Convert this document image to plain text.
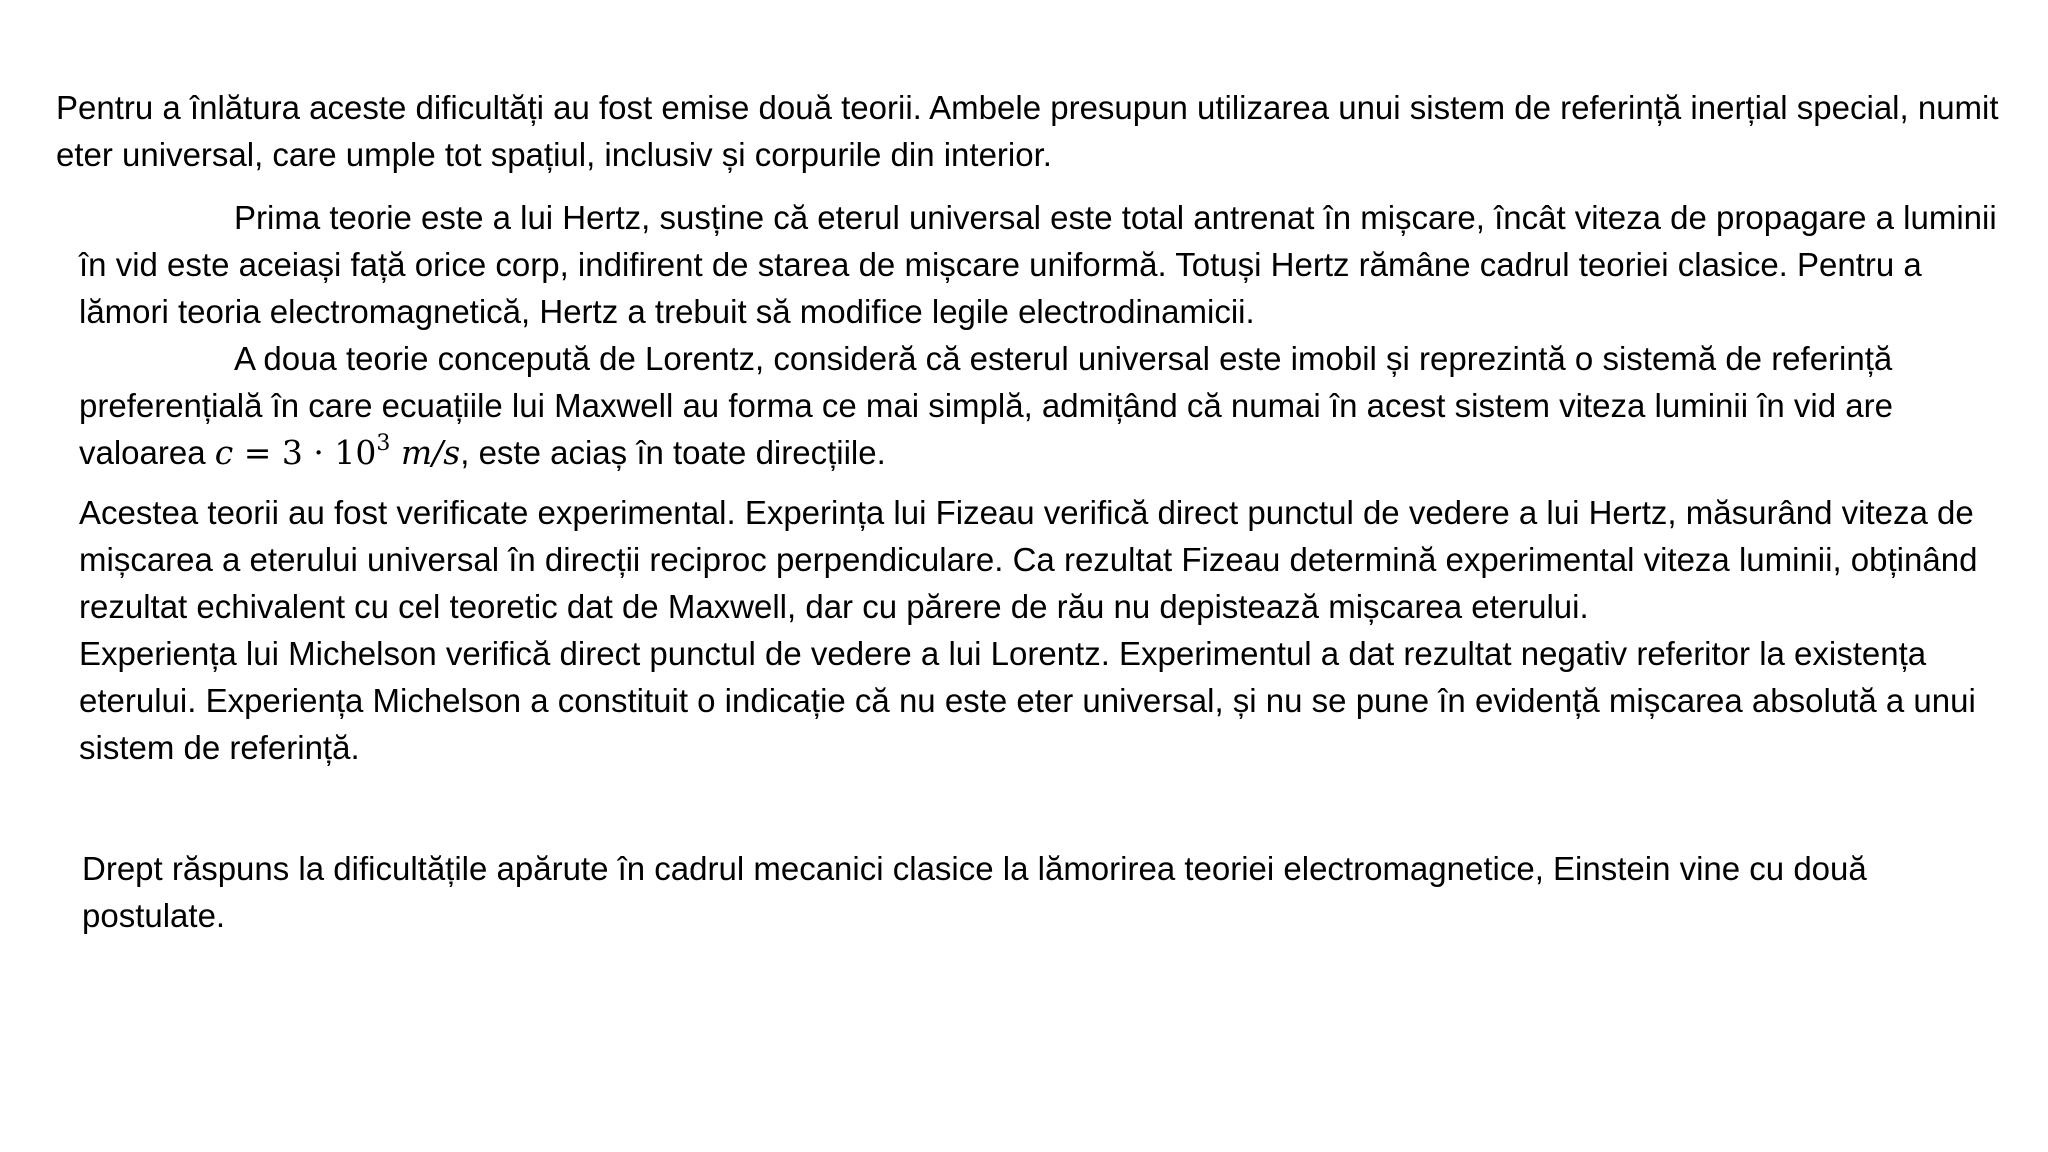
Pentru a înlătura aceste dificultăți au fost emise două teorii. Ambele presupun utilizarea unui sistem de referință inerțial special, numit eter universal, care umple tot spațiul, inclusiv și corpurile din interior.

Prima teorie este a lui Hertz, susține că eterul universal este total antrenat în mișcare, încât viteza de propagare a luminii în vid este aceiași față orice corp, indifirent de starea de mișcare uniformă. Totuși Hertz rămâne cadrul teoriei clasice. Pentru a lămori teoria electromagnetică, Hertz a trebuit să modifice legile electrodinamicii.

A doua teorie concepută de Lorentz, consideră că esterul universal este imobil și reprezintă o sistemă de referință preferențială în care ecuațiile lui Maxwell au forma ce mai simplă, admițând că numai în acest sistem viteza luminii în vid are valoarea $c = 3 \cdot 10^3$ m/s, este aciaș în toate direcțiile.

Acestea teorii au fost verificate experimental. Experința lui Fizeau verifică direct punctul de vedere a lui Hertz, măsurând viteza de mișcarea a eterului universal în direcții reciproc perpendiculare. Ca rezultat Fizeau determină experimental viteza luminii, obținând rezultat echivalent cu cel teoretic dat de Maxwell, dar cu părere de rău nu depistează mișcarea eterului.

Experiența lui Michelson verifică direct punctul de vedere a lui Lorentz. Experimentul a dat rezultat negativ referitor la existența eterului. Experiența Michelson a constituit o indicație că nu este eter universal, și nu se pune în evidență mișcarea absolută a unui sistem de referință.

Drept răspuns la dificultățile apărute în cadrul mecanici clasice la lămorirea teoriei electromagnetice, Einstein vine cu două postulate.
